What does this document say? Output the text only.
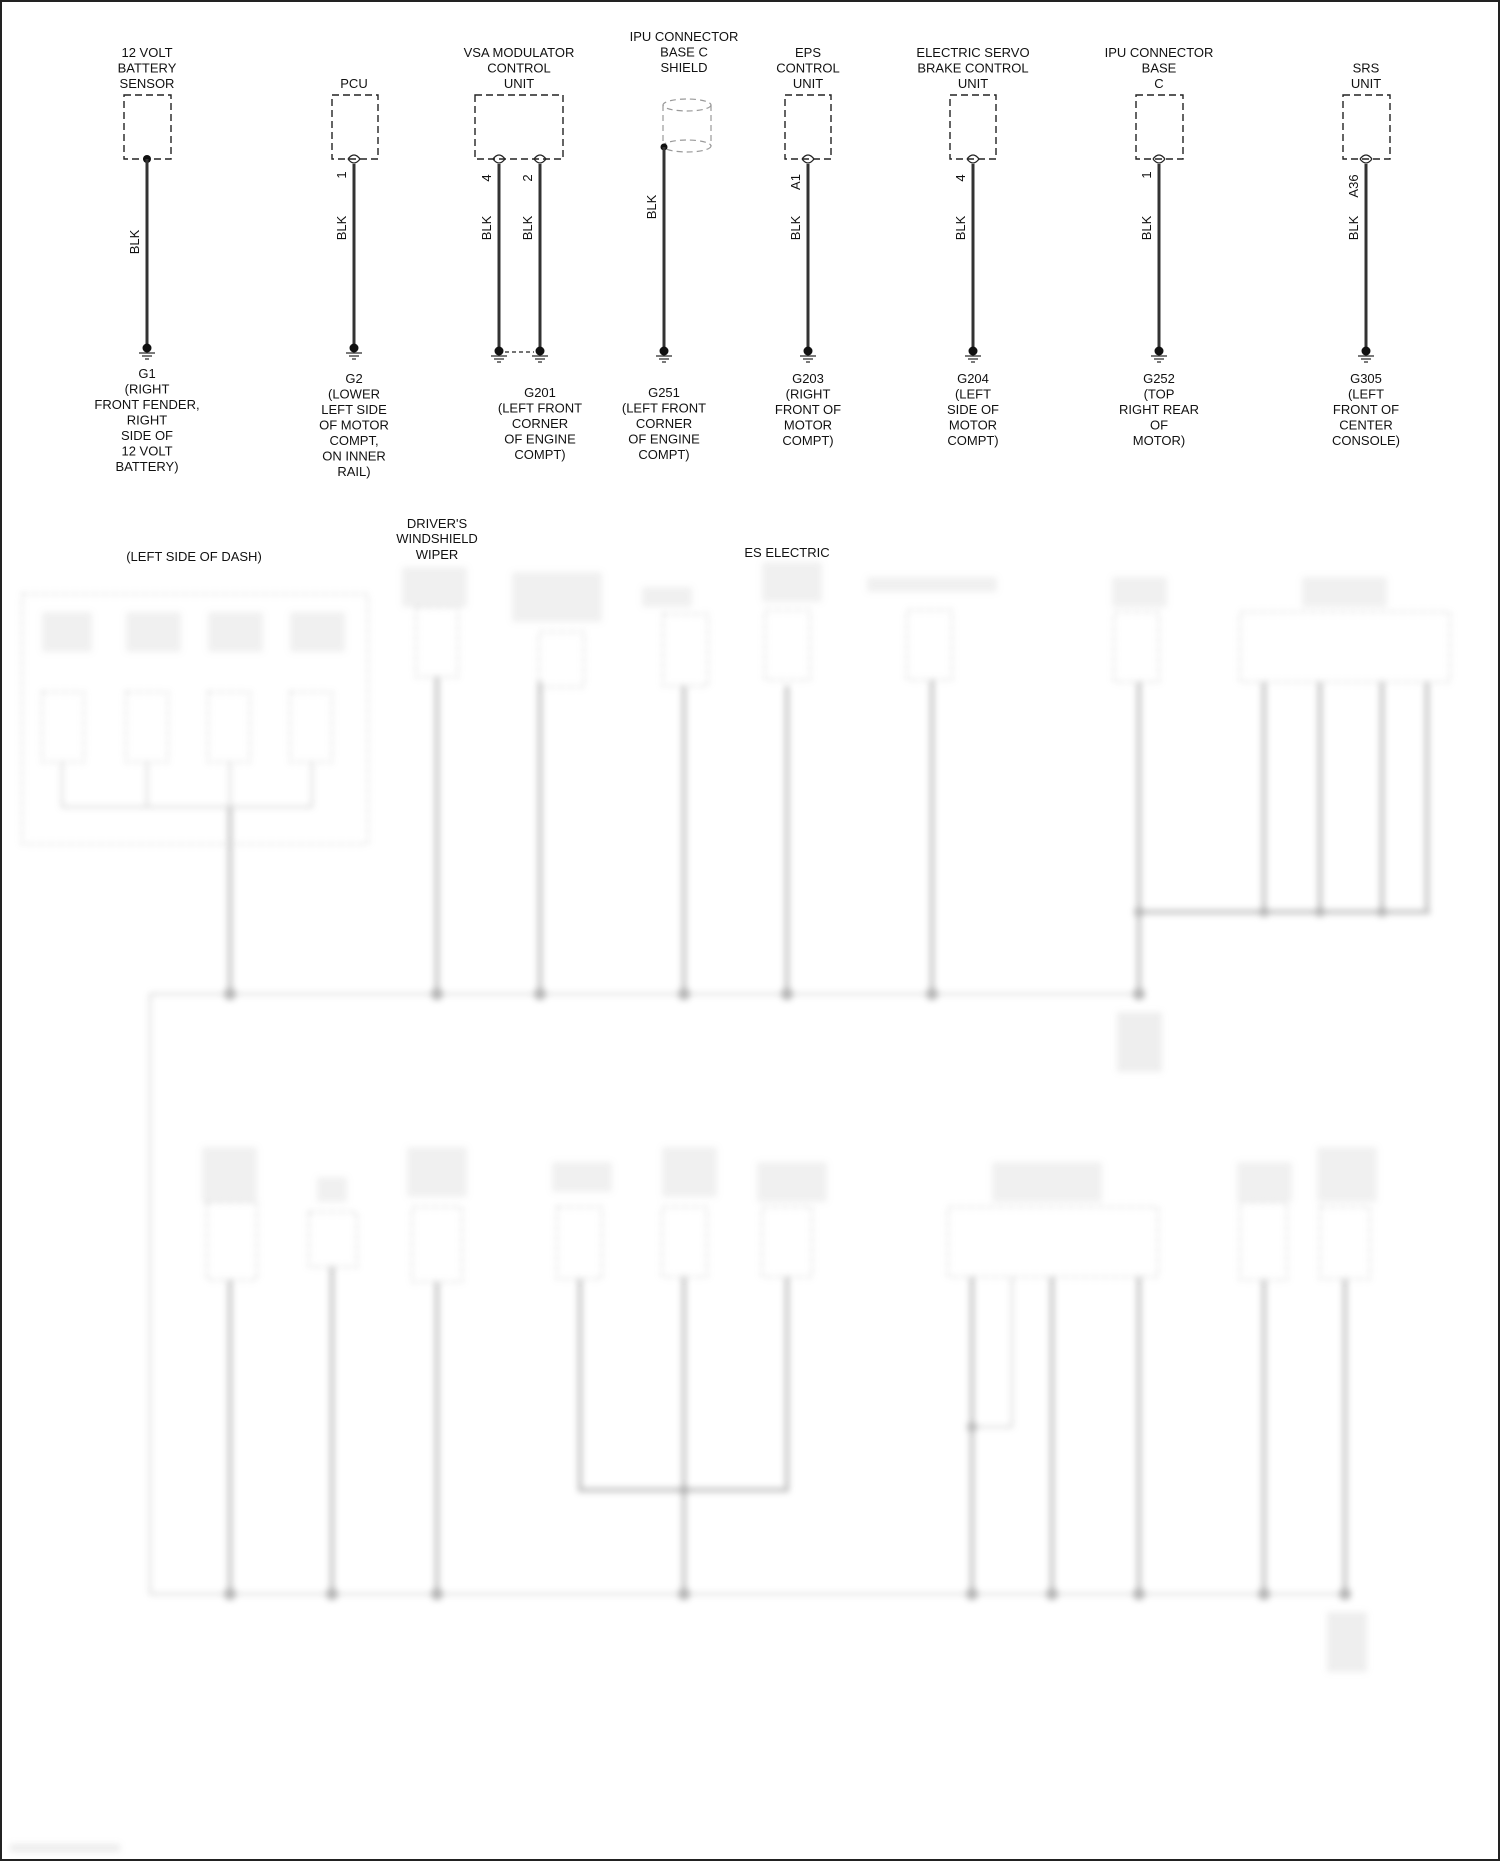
BLK
1
BLK
4 2
BLK BLK
BLK
A1
BLK
4
BLK
1
BLK
A36
BLK
12 VOLT
BATTERY
SENSOR	PCU
VSA MODULATOR
CONTROL
UNIT
IPU CONNECTOR
BASE C
SHIELD
EPS
CONTROL
UNIT
ELECTRIC SERVO
BRAKE CONTROL
UNIT
IPU CONNECTOR
BASE
C
SRS
UNIT
G1
(RIGHT
FRONT FENDER,
RIGHT
SIDE OF
12 VOLT
BATTERY)
G2
(LOWER
LEFT SIDE
OF MOTOR
COMPT,
ON INNER
RAIL)
G201
(LEFT FRONT
CORNER
OF ENGINE
COMPT)
G251
(LEFT FRONT
CORNER
OF ENGINE
COMPT)
G203
(RIGHT
FRONT OF
MOTOR
COMPT)
G204
(LEFT
SIDE OF
MOTOR
COMPT)
G252
(TOP
RIGHT REAR
OF
MOTOR)
G305
(LEFT
FRONT OF
CENTER
CONSOLE)
(LEFT SIDE OF DASH)
DRIVER'S
WINDSHIELD
WIPER	ES ELECTRIC
